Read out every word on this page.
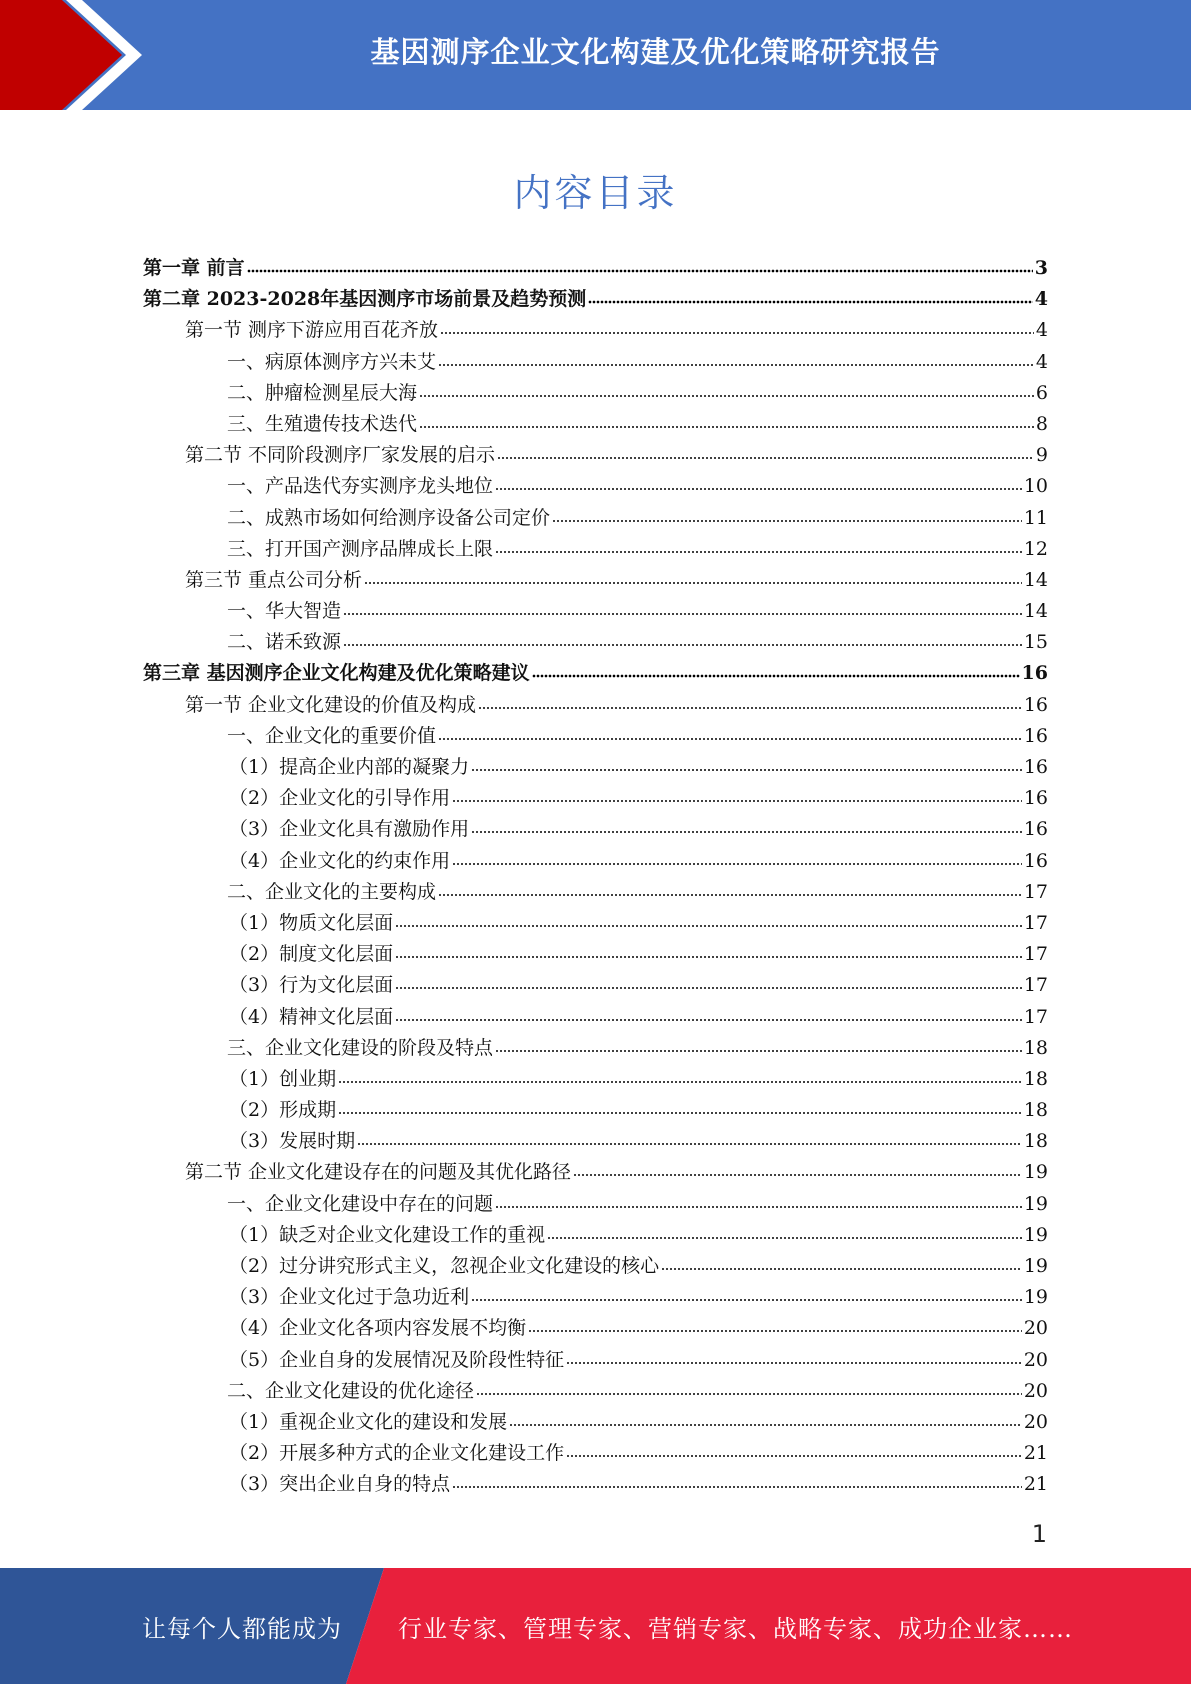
基因测序企业文化构建及优化策略研究报告
内容目录
第一章 前言	3
第二章 2023-2028年基因测序市场前景及趋势预测	4
第一节 测序下游应用百花齐放	4
一、病原体测序方兴未艾	4
二、肿瘤检测星辰大海	6
三、生殖遗传技术迭代	8
第二节 不同阶段测序厂家发展的启示	9
一、产品迭代夯实测序龙头地位	10
二、成熟市场如何给测序设备公司定价	11
三、打开国产测序品牌成长上限	12
第三节 重点公司分析	14
一、华大智造	14
二、诺禾致源	15
第三章 基因测序企业文化构建及优化策略建议	16
第一节 企业文化建设的价值及构成	16
一、企业文化的重要价值	16
（1）提高企业内部的凝聚力	16
（2）企业文化的引导作用	16
（3）企业文化具有激励作用	16
（4）企业文化的约束作用	16
二、企业文化的主要构成	17
（1）物质文化层面	17
（2）制度文化层面	17
（3）行为文化层面	17
（4）精神文化层面	17
三、企业文化建设的阶段及特点	18
（1）创业期	18
（2）形成期	18
（3）发展时期	18
第二节 企业文化建设存在的问题及其优化路径	19
一、企业文化建设中存在的问题	19
（1）缺乏对企业文化建设工作的重视	19
（2）过分讲究形式主义，忽视企业文化建设的核心	19
（3）企业文化过于急功近利	19
（4）企业文化各项内容发展不均衡	20
（5）企业自身的发展情况及阶段性特征	20
二、企业文化建设的优化途径	20
（1）重视企业文化的建设和发展	20
（2）开展多种方式的企业文化建设工作	21
（3）突出企业自身的特点	21
1
让每个人都能成为 行业专家、管理专家、营销专家、战略专家、成功企业家……
